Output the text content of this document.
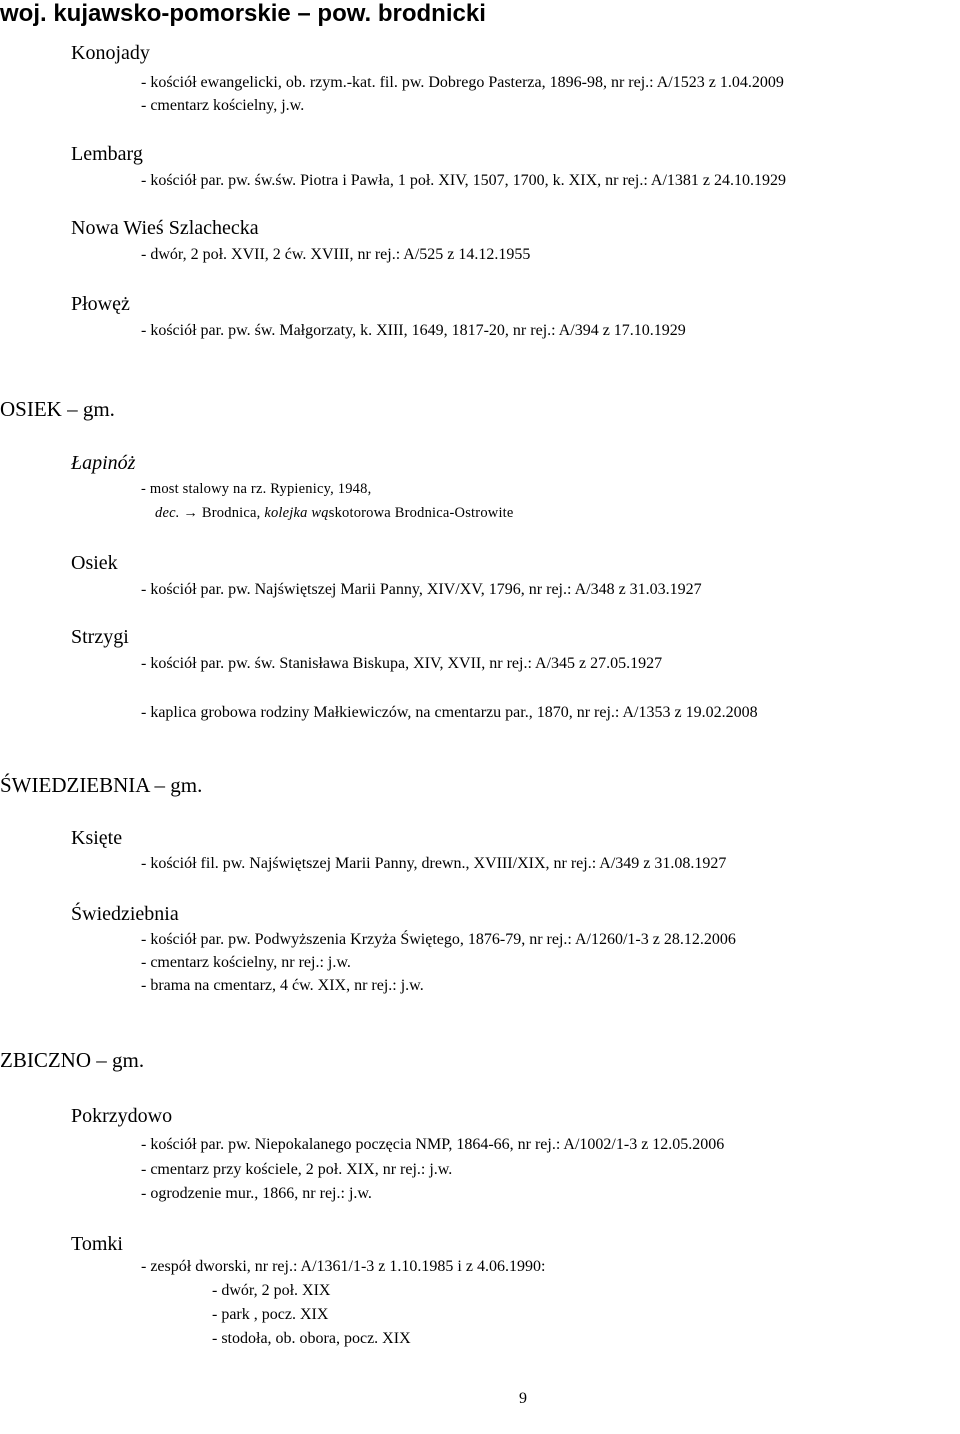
woj. kujawsko-pomorskie – pow. brodnicki
Konojady
- kościół ewangelicki, ob. rzym.-kat. fil. pw. Dobrego Pasterza, 1896-98, nr rej.: A/1523 z 1.04.2009
- cmentarz kościelny, j.w.
Lembarg
- kościół par. pw. św.św. Piotra i Pawła, 1 poł. XIV, 1507, 1700, k. XIX, nr rej.: A/1381 z 24.10.1929
Nowa Wieś Szlachecka
- dwór, 2 poł. XVII, 2 ćw. XVIII, nr rej.: A/525 z 14.12.1955
Płowęż
- kościół par. pw. św. Małgorzaty, k. XIII, 1649, 1817-20, nr rej.: A/394 z 17.10.1929
OSIEK – gm.
Łapinóż
- most stalowy na rz. Rypienicy, 1948,
dec. → Brodnica, kolejka wąskotorowa Brodnica-Ostrowite
Osiek
- kościół par. pw. Najświętszej Marii Panny, XIV/XV, 1796, nr rej.: A/348 z 31.03.1927
Strzygi
- kościół par. pw. św. Stanisława Biskupa, XIV, XVII, nr rej.: A/345 z 27.05.1927
- kaplica grobowa rodziny Małkiewiczów, na cmentarzu par., 1870, nr rej.: A/1353 z 19.02.2008
ŚWIEDZIEBNIA – gm.
Księte
- kościół fil. pw. Najświętszej Marii Panny, drewn., XVIII/XIX, nr rej.: A/349 z 31.08.1927
Świedziebnia
- kościół par. pw. Podwyższenia Krzyża Świętego, 1876-79, nr rej.: A/1260/1-3 z 28.12.2006
- cmentarz kościelny, nr rej.: j.w.
- brama na cmentarz, 4 ćw. XIX, nr rej.: j.w.
ZBICZNO – gm.
Pokrzydowo
- kościół par. pw. Niepokalanego poczęcia NMP, 1864-66, nr rej.: A/1002/1-3 z 12.05.2006
- cmentarz przy kościele, 2 poł. XIX, nr rej.: j.w.
- ogrodzenie mur., 1866, nr rej.: j.w.
Tomki
- zespół dworski, nr rej.: A/1361/1-3 z 1.10.1985 i z 4.06.1990:
- dwór, 2 poł. XIX
- park , pocz. XIX
- stodoła, ob. obora, pocz. XIX
9
